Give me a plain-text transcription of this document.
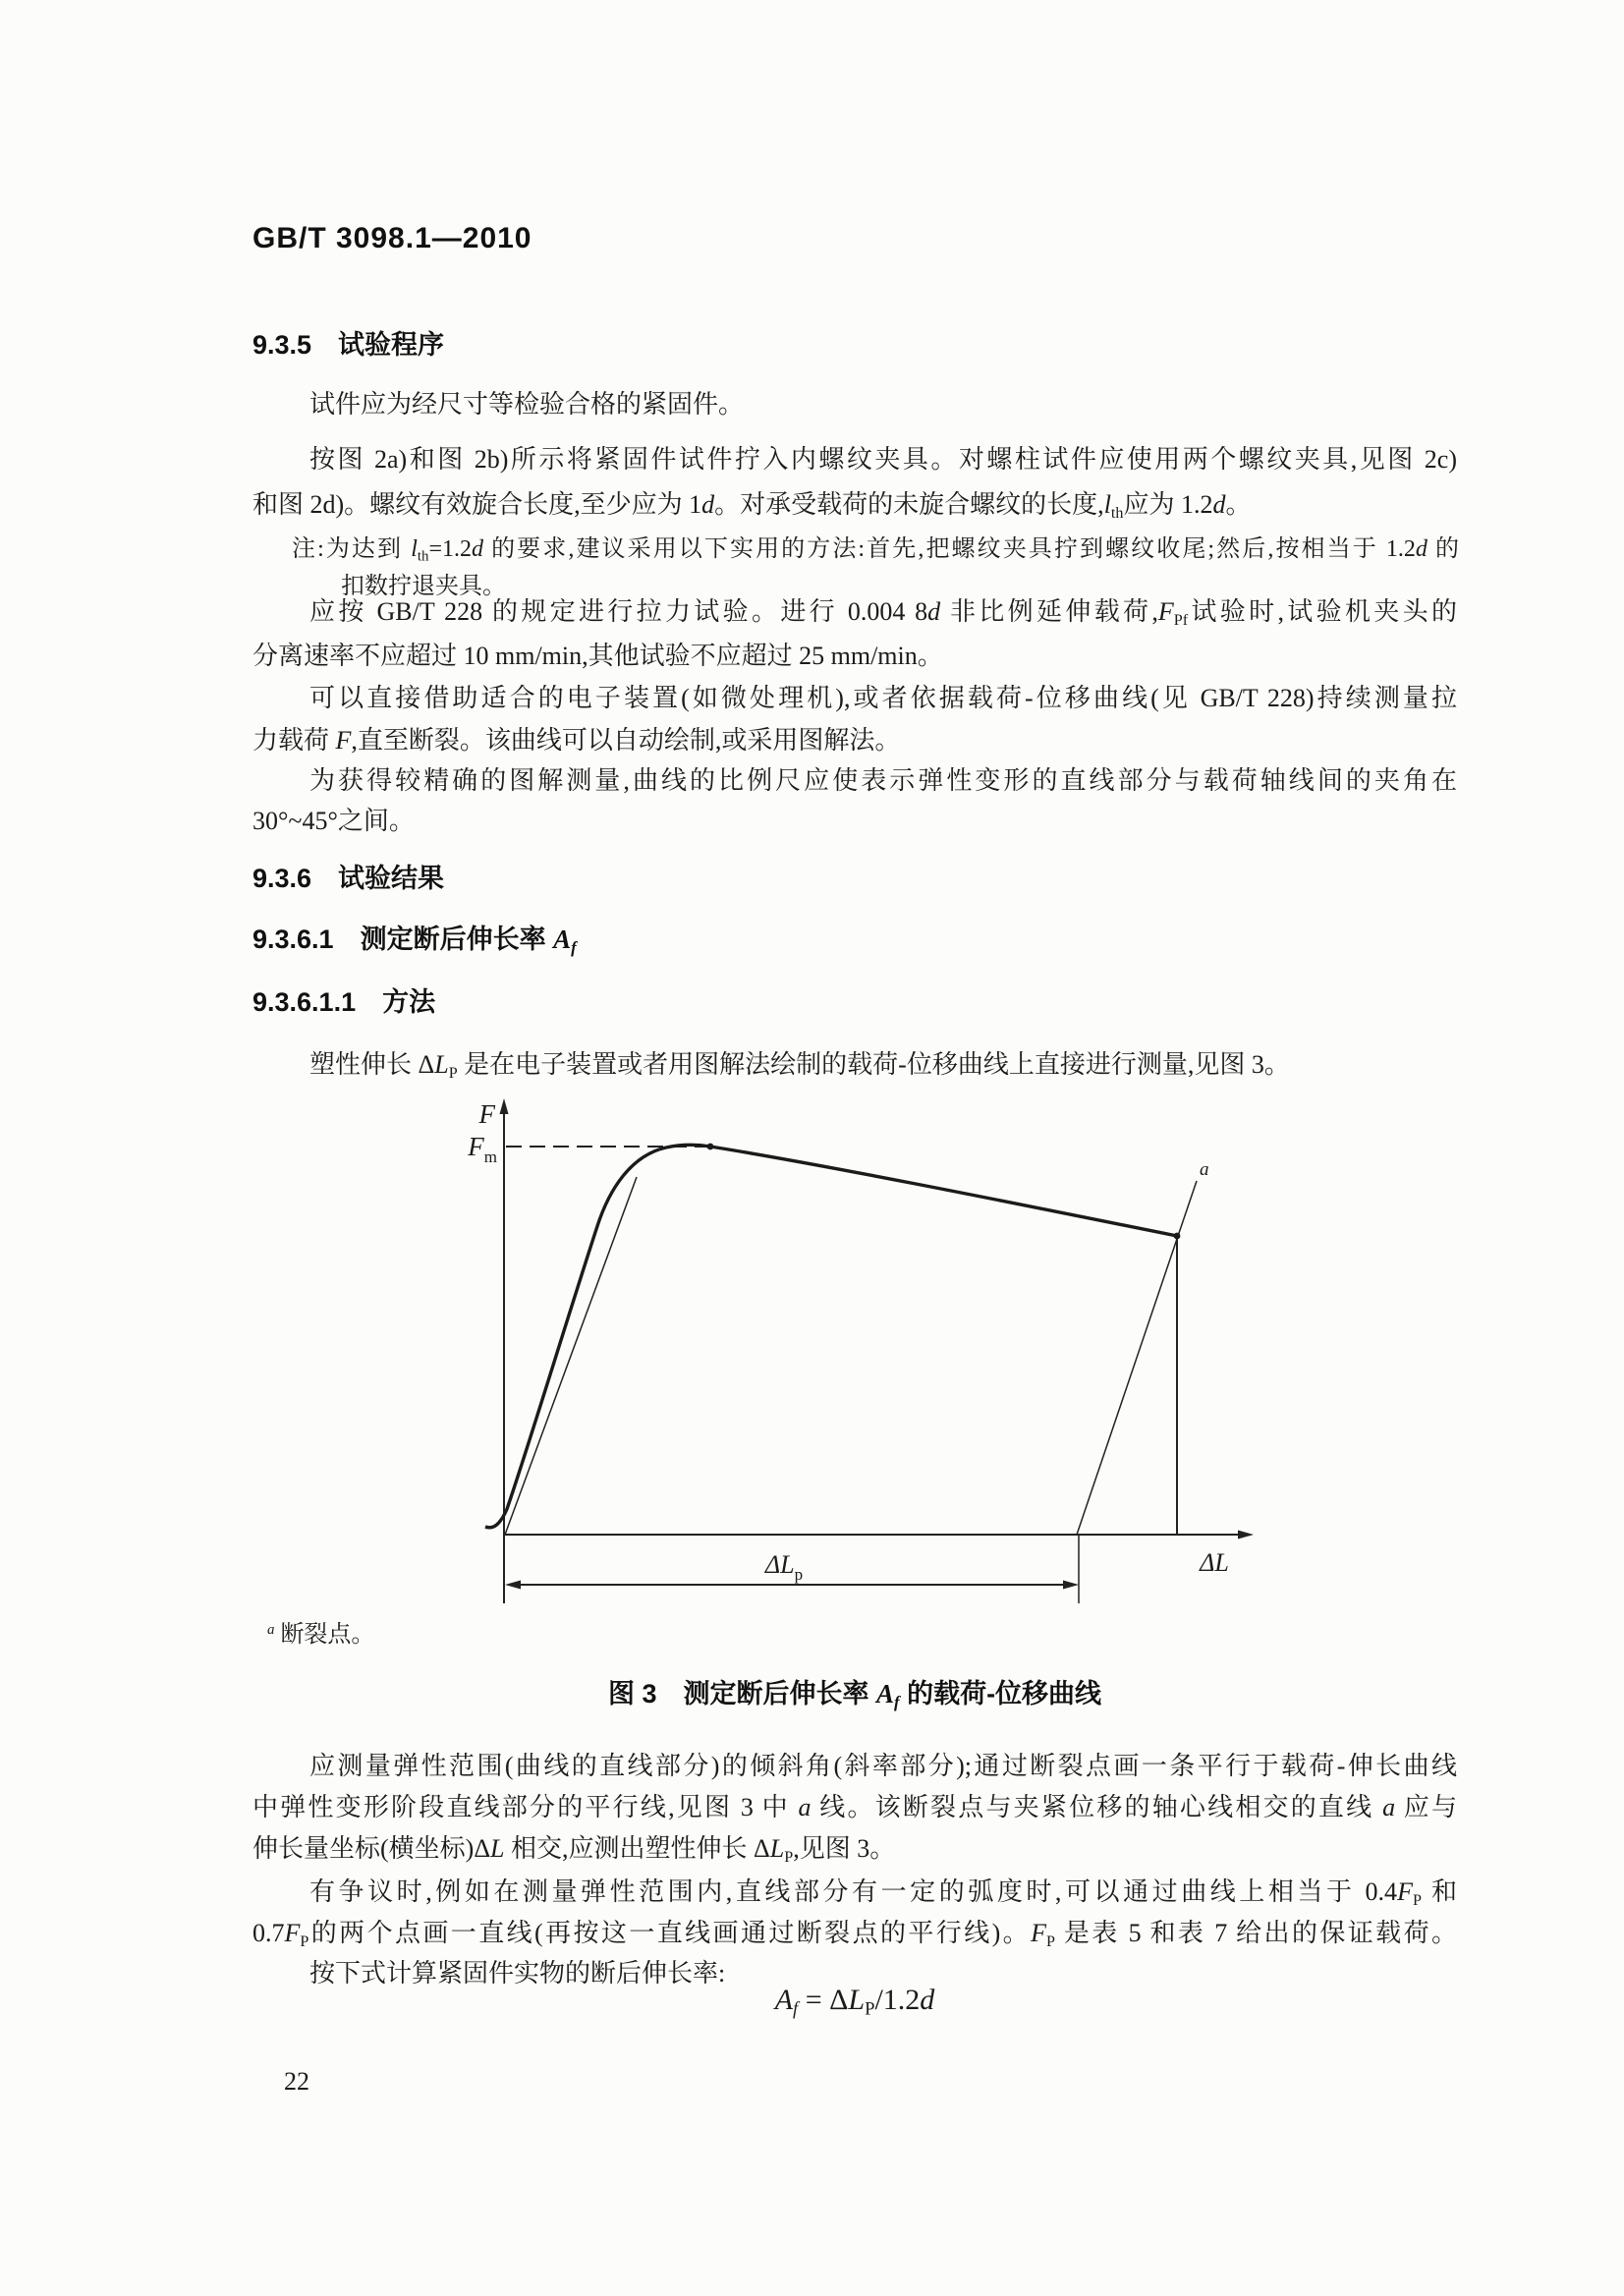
GB/T 3098.1—2010
9.3.5　试验程序
试件应为经尺寸等检验合格的紧固件。
按图 2a)和图 2b)所示将紧固件试件拧入内螺纹夹具。对螺柱试件应使用两个螺纹夹具,见图 2c)
和图 2d)。螺纹有效旋合长度,至少应为 1d。对承受载荷的未旋合螺纹的长度$,l_{th}$应为 1.2d。
注:为达到 $l_{th}=1.2d$ 的要求,建议采用以下实用的方法:首先,把螺纹夹具拧到螺纹收尾;然后,按相当于 1.2d 的
扣数拧退夹具。
应按 GB/T 228 的规定进行拉力试验。进行 0.004 8d 非比例延伸载荷$,F_{Pf}$试验时,试验机夹头的
分离速率不应超过 10 mm/min,其他试验不应超过 25 mm/min。
可以直接借助适合的电子装置(如微处理机),或者依据载荷-位移曲线(见 GB/T 228)持续测量拉
力载荷 F,直至断裂。该曲线可以自动绘制,或采用图解法。
为获得较精确的图解测量,曲线的比例尺应使表示弹性变形的直线部分与载荷轴线间的夹角在
30°~45°之间。
9.3.6　试验结果
9.3.6.1　测定断后伸长率 $A_f$
9.3.6.1.1　方法
塑性伸长 $\Delta L_P$ 是在电子装置或者用图解法绘制的载荷-位移曲线上直接进行测量,见图 3。
$^a$ 断裂点。
图 3　测定断后伸长率 $A_f$ 的载荷-位移曲线
应测量弹性范围(曲线的直线部分)的倾斜角(斜率部分);通过断裂点画一条平行于载荷-伸长曲线
中弹性变形阶段直线部分的平行线,见图 3 中 a 线。该断裂点与夹紧位移的轴心线相交的直线 a 应与
伸长量坐标(横坐标)ΔL 相交,应测出塑性伸长 $\Delta L_P$,见图 3。
有争议时,例如在测量弹性范围内,直线部分有一定的弧度时,可以通过曲线上相当于 $0.4F_P$ 和
$0.7F_P$的两个点画一直线(再按这一直线画通过断裂点的平行线)。$F_P$ 是表 5 和表 7 给出的保证载荷。
按下式计算紧固件实物的断后伸长率:
$A_f = \Delta L_P/1.2d$
F
Fm
ΔL
ΔLp
a
22
